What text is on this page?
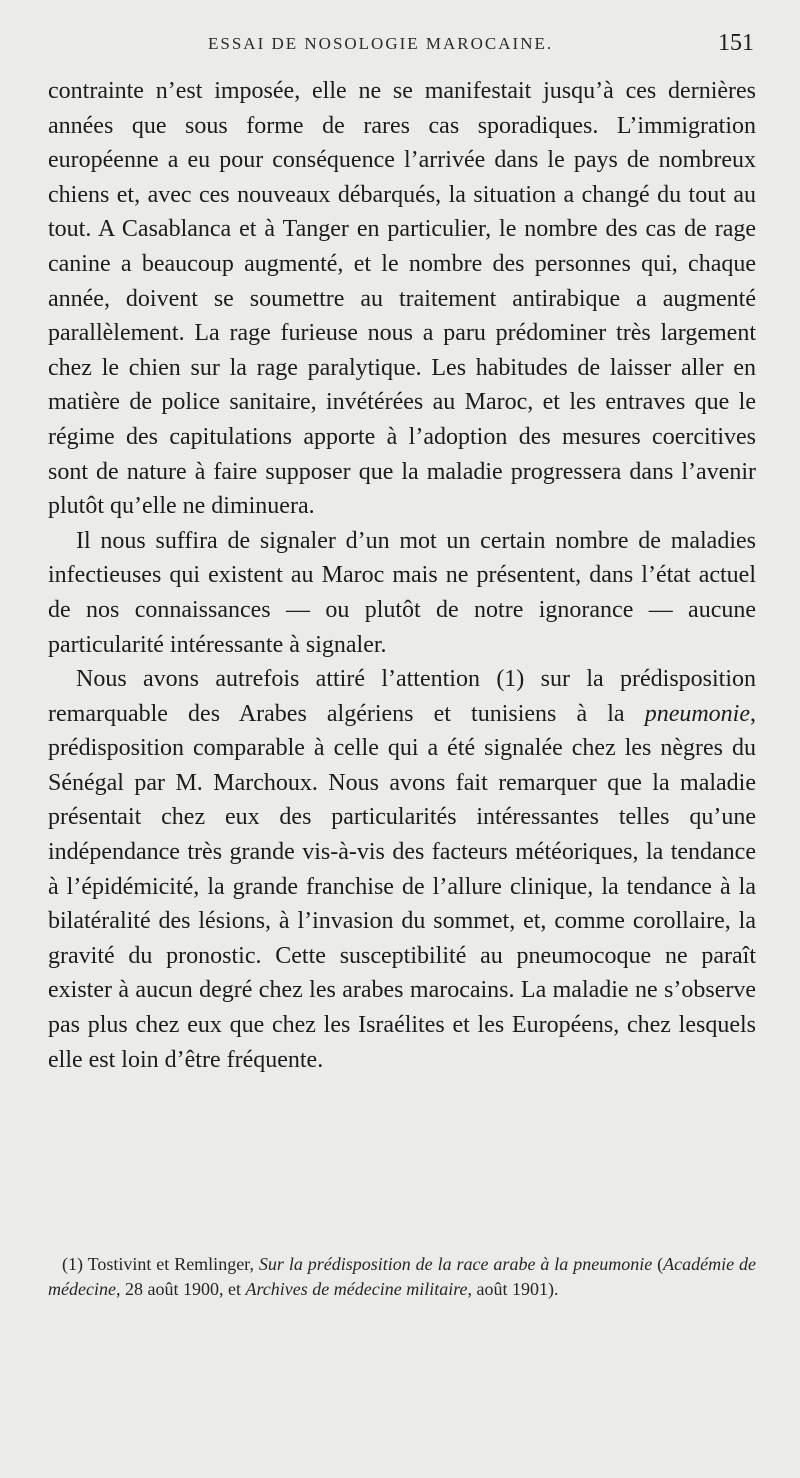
ESSAI DE NOSOLOGIE MAROCAINE.	151

contrainte n’est imposée, elle ne se manifestait jusqu’à ces dernières années que sous forme de rares cas sporadiques. L’immigration européenne a eu pour conséquence l’arrivée dans le pays de nombreux chiens et, avec ces nouveaux débarqués, la situation a changé du tout au tout. A Casablanca et à Tanger en particulier, le nombre des cas de rage canine a beaucoup augmenté, et le nombre des personnes qui, chaque année, doivent se soumettre au traitement antirabique a augmenté parallèlement. La rage furieuse nous a paru prédominer très largement chez le chien sur la rage paralytique. Les habitudes de laisser aller en matière de police sanitaire, invétérées au Maroc, et les entraves que le régime des capitulations apporte à l’adoption des mesures coercitives sont de nature à faire supposer que la maladie progressera dans l’avenir plutôt qu’elle ne diminuera.

Il nous suffira de signaler d’un mot un certain nombre de maladies infectieuses qui existent au Maroc mais ne présentent, dans l’état actuel de nos connaissances — ou plutôt de notre ignorance — aucune particularité intéressante à signaler.

Nous avons autrefois attiré l’attention (1) sur la prédisposition remarquable des Arabes algériens et tunisiens à la pneumonie, prédisposition comparable à celle qui a été signalée chez les nègres du Sénégal par M. Marchoux. Nous avons fait remarquer que la maladie présentait chez eux des particularités intéressantes telles qu’une indépendance très grande vis-à-vis des facteurs météoriques, la tendance à l’épidémicité, la grande franchise de l’allure clinique, la tendance à la bilatéralité des lésions, à l’invasion du sommet, et, comme corollaire, la gravité du pronostic. Cette susceptibilité au pneumocoque ne paraît exister à aucun degré chez les arabes marocains. La maladie ne s’observe pas plus chez eux que chez les Israélites et les Européens, chez lesquels elle est loin d’être fréquente.

(1) Tostivint et Remlinger, Sur la prédisposition de la race arabe à la pneumonie (Académie de médecine, 28 août 1900, et Archives de médecine militaire, août 1901).
